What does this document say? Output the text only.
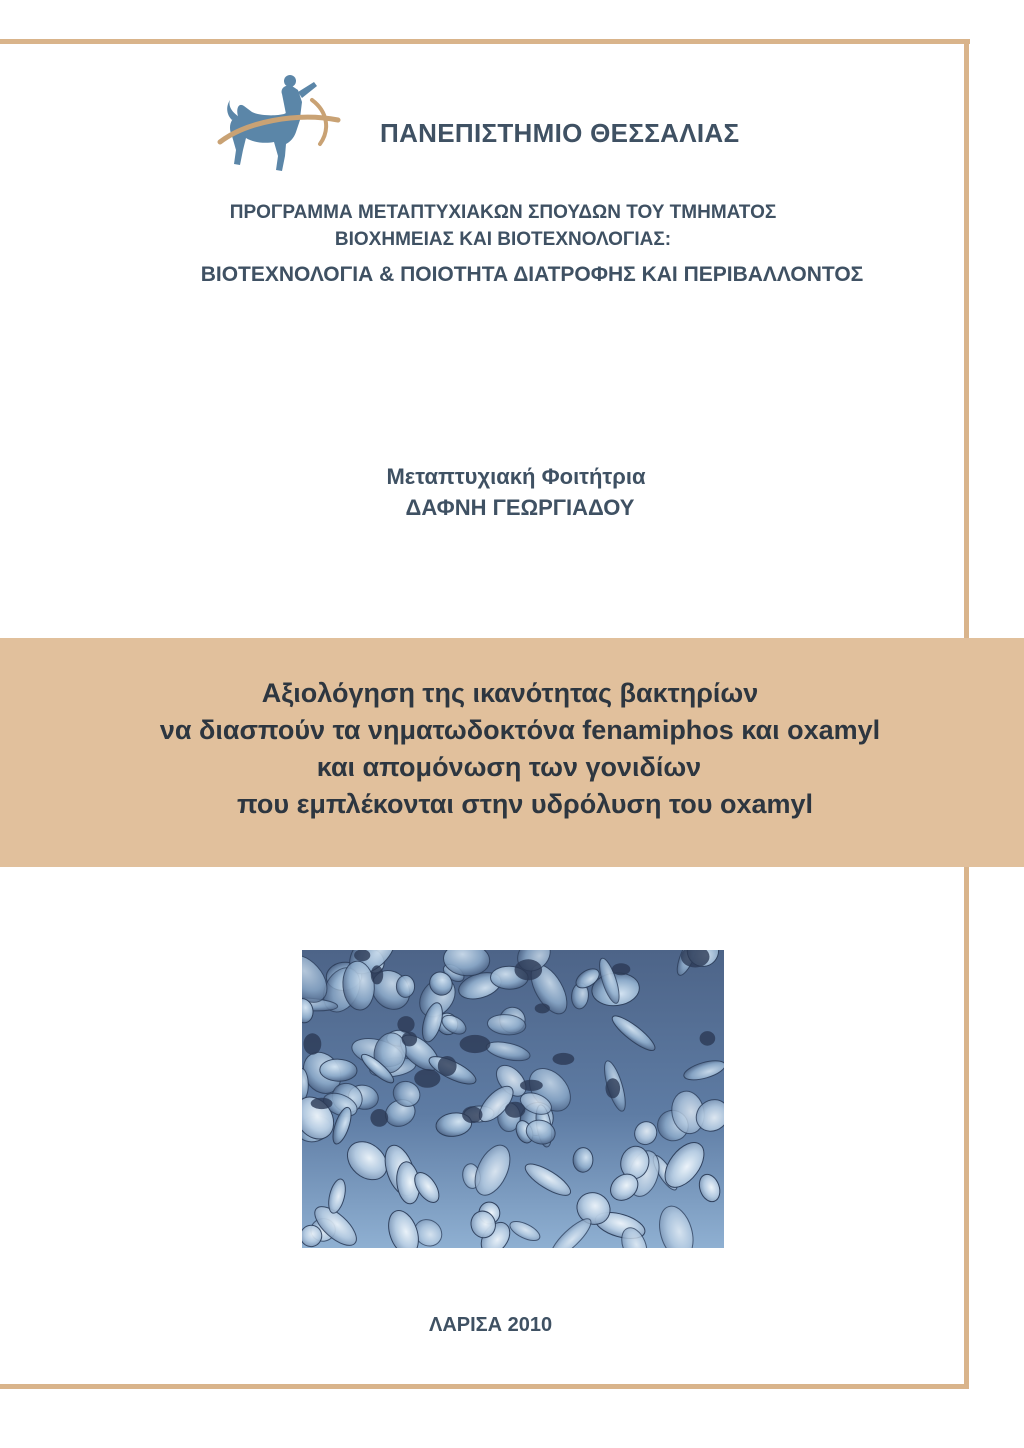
ΠΑΝΕΠΙΣΤΗΜΙΟ ΘΕΣΣΑΛΙΑΣ
ΠΡΟΓΡΑΜΜΑ ΜΕΤΑΠΤΥΧΙΑΚΩΝ ΣΠΟΥΔΩΝ ΤΟΥ ΤΜΗΜΑΤΟΣ
ΒΙΟΧΗΜΕΙΑΣ ΚΑΙ ΒΙΟΤΕΧΝΟΛΟΓΙΑΣ:
ΒΙΟΤΕΧΝΟΛΟΓΙΑ & ΠΟΙΟΤΗΤΑ ΔΙΑΤΡΟΦΗΣ ΚΑΙ ΠΕΡΙΒΑΛΛΟΝΤΟΣ
Μεταπτυχιακή Φοιτήτρια
ΔΑΦΝΗ ΓΕΩΡΓΙΑΔΟΥ
Αξιολόγηση της ικανότητας βακτηρίων
να διασπούν τα νηματωδοκτόνα fenamiphos και oxamyl
και απομόνωση των γονιδίων
που εμπλέκονται στην υδρόλυση του oxamyl
ΛΑΡΙΣΑ 2010
